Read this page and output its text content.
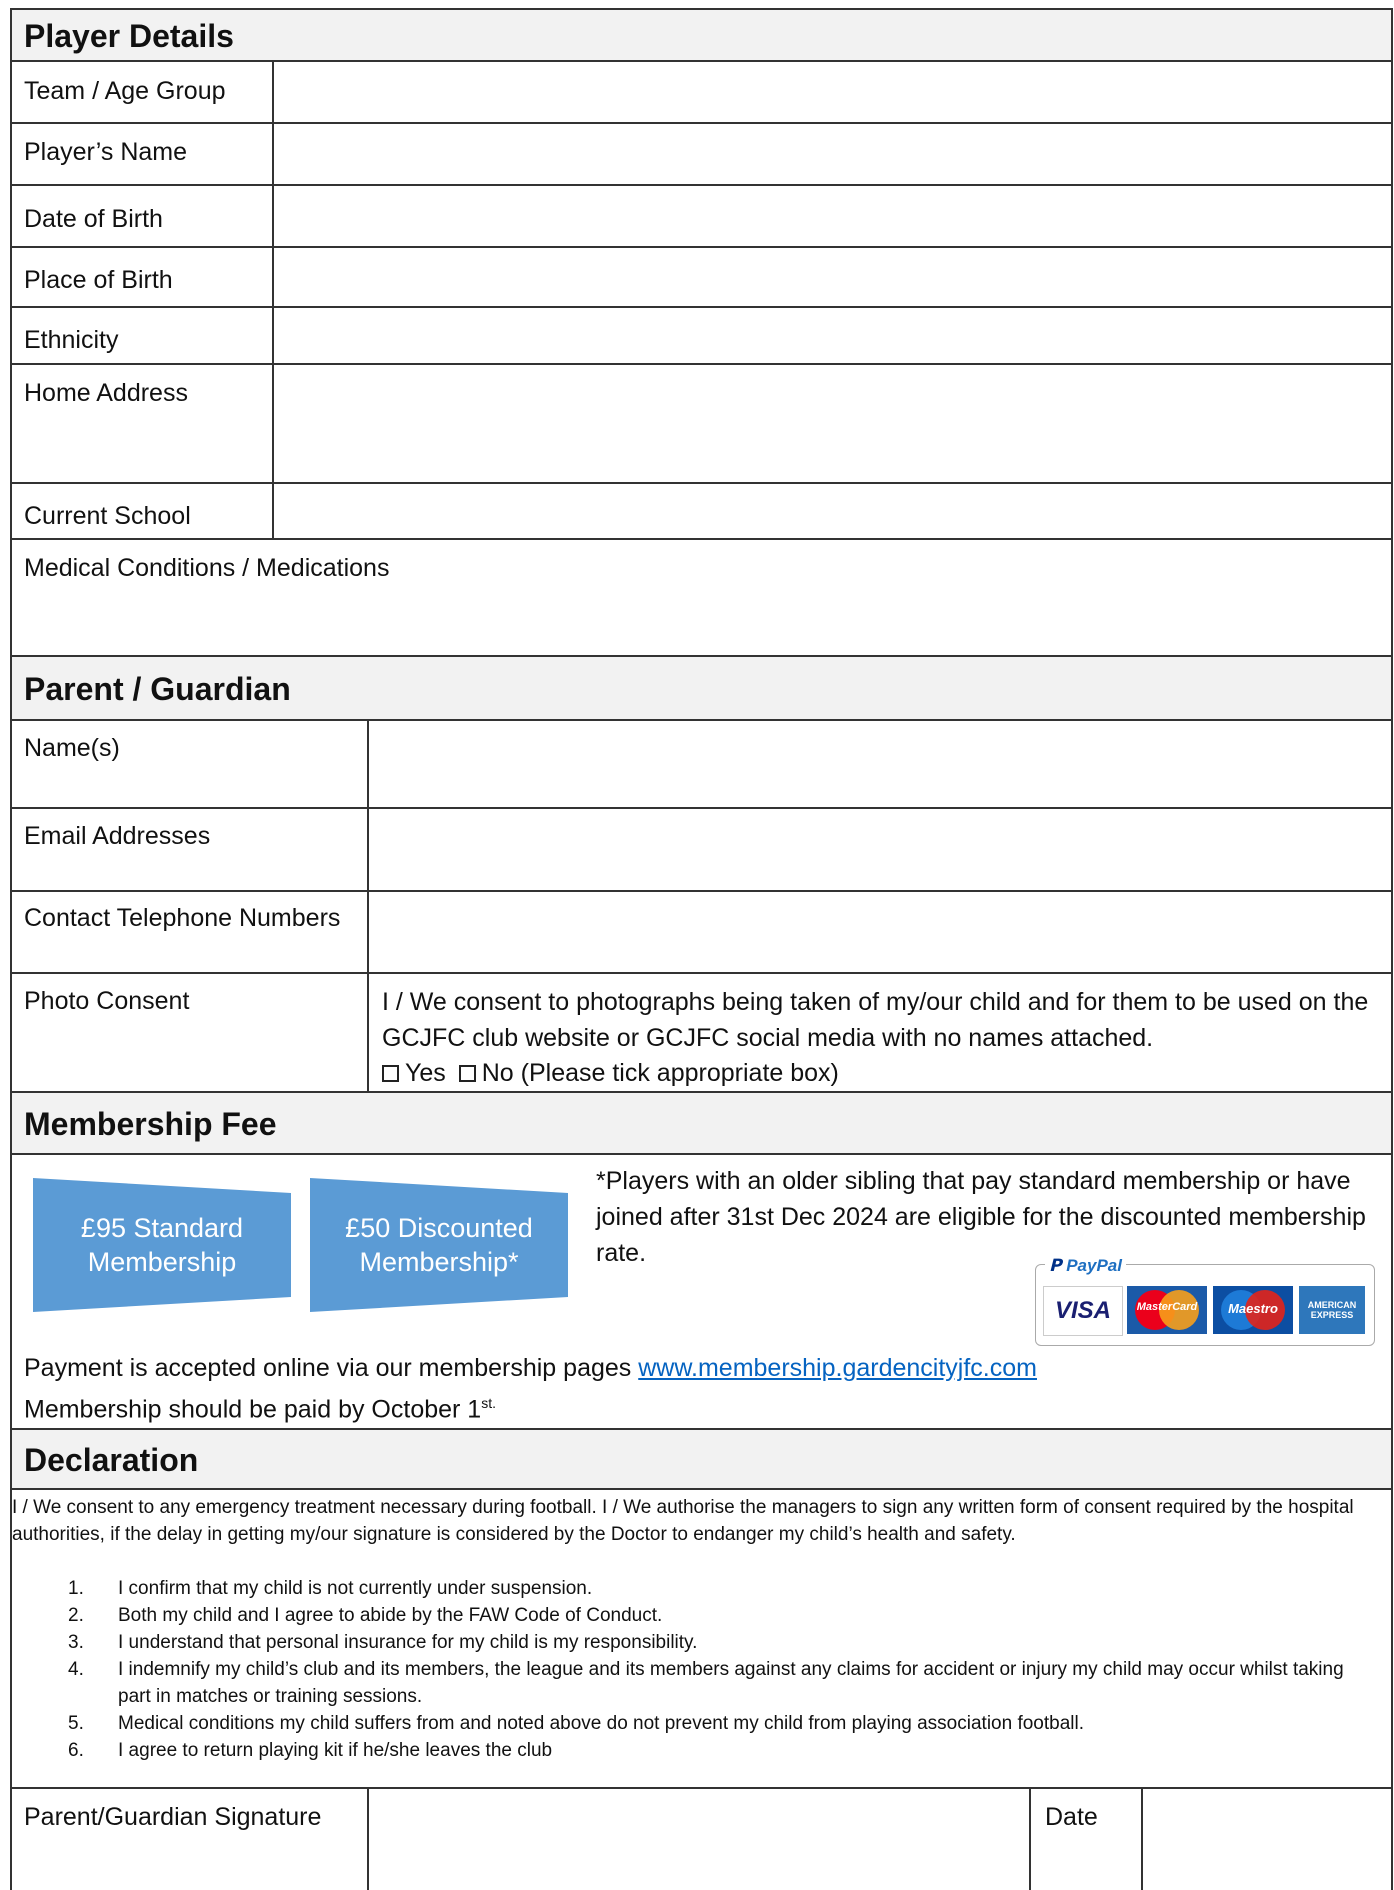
Player Details
Team / Age Group
Player’s Name
Date of Birth
Place of Birth
Ethnicity
Home Address
Current School
Medical Conditions / Medications
Parent / Guardian
Name(s)
Email Addresses
Contact Telephone Numbers
Photo Consent	I / We consent to photographs being taken of my/our child and for them to be used on the GCJFC club website or GCJFC social media with no names attached.
Yes No (Please tick appropriate box)
Membership Fee
£95 Standard
Membership
£50 Discounted
Membership*
*Players with an older sibling that pay standard membership or have joined after 31st Dec 2024 are eligible for the discounted membership rate.	𝗣 PayPal
VISA	MasterCard	Maestro	AMERICAN EXPRESS
Payment is accepted online via our membership pages www.membership.gardencityjfc.com
Membership should be paid by October $1^{st.}$
Declaration
I / We consent to any emergency treatment necessary during football. I / We authorise the managers to sign any written form of consent required by the hospital authorities, if the delay in getting my/our signature is considered by the Doctor to endanger my child’s health and safety.
1. I confirm that my child is not currently under suspension.
2. Both my child and I agree to abide by the FAW Code of Conduct.
3. I understand that personal insurance for my child is my responsibility.
4. I indemnify my child’s club and its members, the league and its members against any claims for accident or injury my child may occur whilst taking part in matches or training sessions.
5. Medical conditions my child suffers from and noted above do not prevent my child from playing association football.
6. I agree to return playing kit if he/she leaves the club
Parent/Guardian Signature	Date
